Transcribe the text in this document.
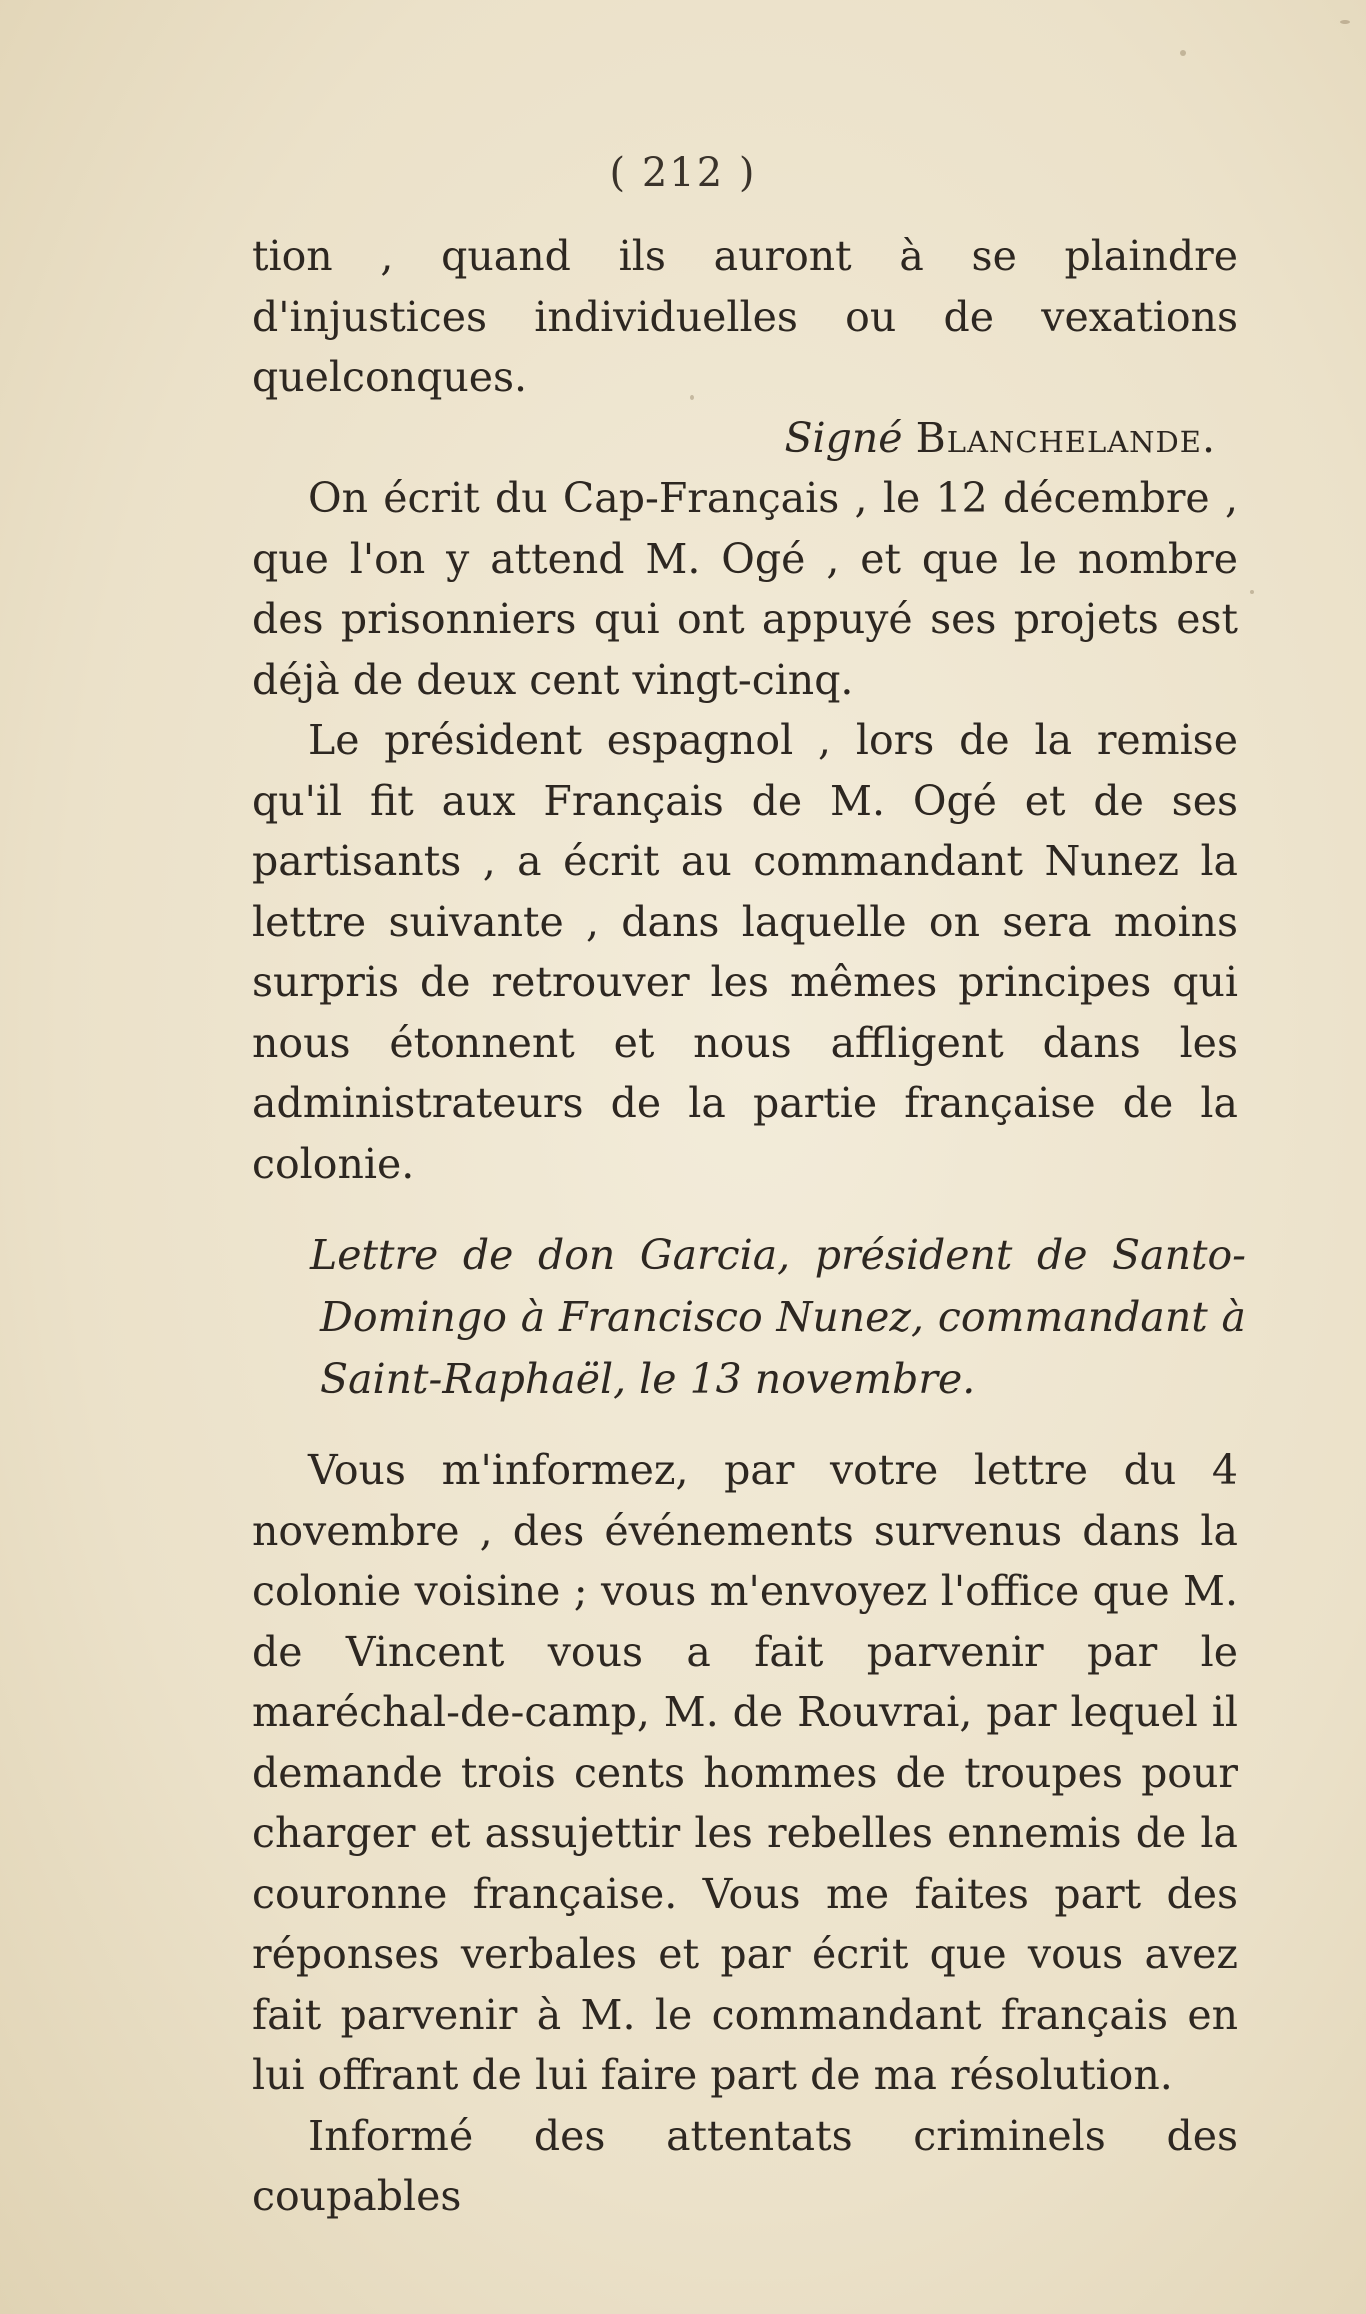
( 212 )

tion , quand ils auront à se plaindre d'injustices individuelles ou de vexations quelconques.

Signé Blanchelande.

On écrit du Cap-Français , le 12 décembre , que l'on y attend M. Ogé , et que le nombre des prisonniers qui ont appuyé ses projets est déjà de deux cent vingt-cinq.

Le président espagnol , lors de la remise qu'il fit aux Français de M. Ogé et de ses partisants , a écrit au commandant Nunez la lettre suivante , dans laquelle on sera moins surpris de retrouver les mêmes principes qui nous étonnent et nous affligent dans les administrateurs de la partie française de la colonie.

Lettre de don Garcia, président de Santo-Domingo à Francisco Nunez, commandant à Saint-Raphaël, le 13 novembre.

Vous m'informez, par votre lettre du 4 novembre , des événements survenus dans la colonie voisine ; vous m'envoyez l'office que M. de Vincent vous a fait parvenir par le maréchal-de-camp, M. de Rouvrai, par lequel il demande trois cents hommes de troupes pour charger et assujettir les rebelles ennemis de la couronne française. Vous me faites part des réponses verbales et par écrit que vous avez fait parvenir à M. le commandant français en lui offrant de lui faire part de ma résolution.

Informé des attentats criminels des coupables
